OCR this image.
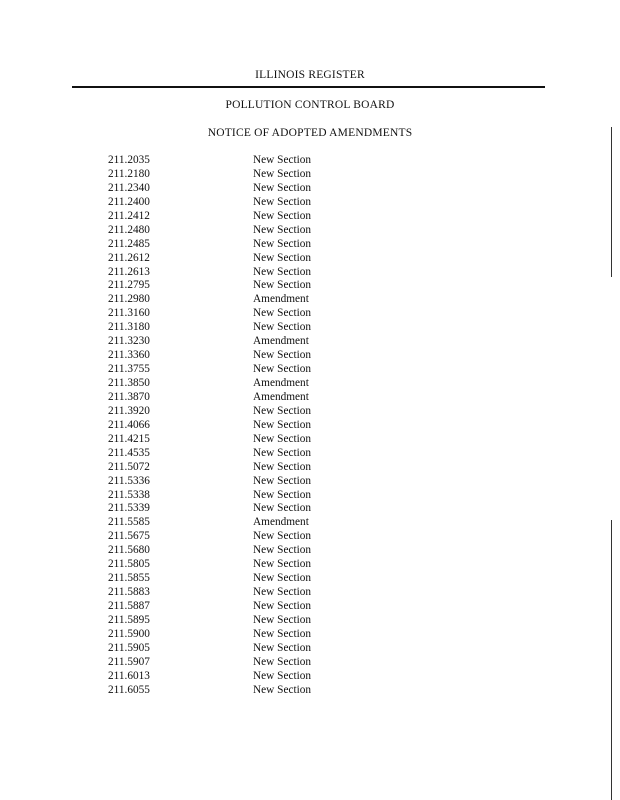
ILLINOIS REGISTER
POLLUTION CONTROL BOARD
NOTICE OF ADOPTED AMENDMENTS
211.2035	New Section
211.2180	New Section
211.2340	New Section
211.2400	New Section
211.2412	New Section
211.2480	New Section
211.2485	New Section
211.2612	New Section
211.2613	New Section
211.2795	New Section
211.2980	Amendment
211.3160	New Section
211.3180	New Section
211.3230	Amendment
211.3360	New Section
211.3755	New Section
211.3850	Amendment
211.3870	Amendment
211.3920	New Section
211.4066	New Section
211.4215	New Section
211.4535	New Section
211.5072	New Section
211.5336	New Section
211.5338	New Section
211.5339	New Section
211.5585	Amendment
211.5675	New Section
211.5680	New Section
211.5805	New Section
211.5855	New Section
211.5883	New Section
211.5887	New Section
211.5895	New Section
211.5900	New Section
211.5905	New Section
211.5907	New Section
211.6013	New Section
211.6055	New Section
